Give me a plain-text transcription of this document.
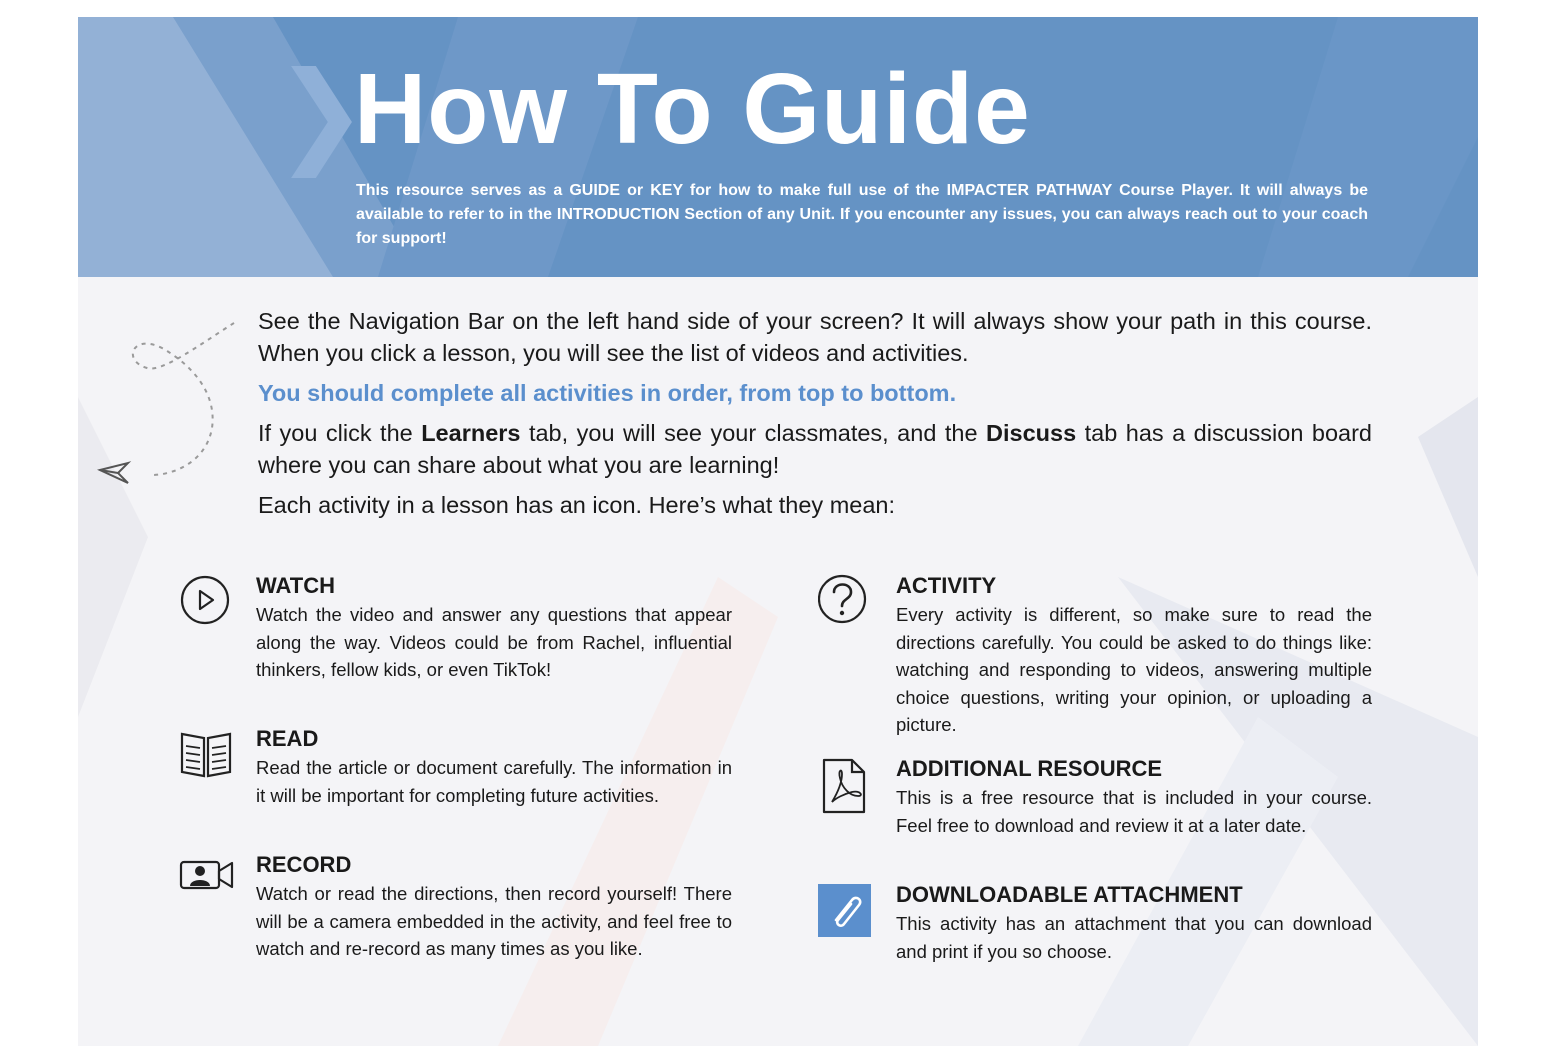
❯
How To Guide

This resource serves as a GUIDE or KEY for how to make full use of the IMPACTER PATHWAY Course Player. It will always be available to refer to in the INTRODUCTION Section of any Unit. If you encounter any issues, you can always reach out to your coach for support!

See the Navigation Bar on the left hand side of your screen? It will always show your path in this course. When you click a lesson, you will see the list of videos and activities.

You should complete all activities in order, from top to bottom.

If you click the Learners tab, you will see your classmates, and the Discuss tab has a discussion board where you can share about what you are learning!

Each activity in a lesson has an icon. Here’s what they mean:

WATCH

Watch the video and answer any questions that appear along the way. Videos could be from Rachel, influential thinkers, fellow kids, or even TikTok!

READ

Read the article or document carefully. The information in it will be important for completing future activities.

RECORD

Watch or read the directions, then record yourself! There will be a camera embedded in the activity, and feel free to watch and re-record as many times as you like.

ACTIVITY

Every activity is different, so make sure to read the directions carefully. You could be asked to do things like: watching and responding to videos, answering multiple choice questions, writing your opinion, or uploading a picture.

ADDITIONAL RESOURCE

This is a free resource that is included in your course. Feel free to download and review it at a later date.

DOWNLOADABLE ATTACHMENT

This activity has an attachment that you can download and print if you so choose.
